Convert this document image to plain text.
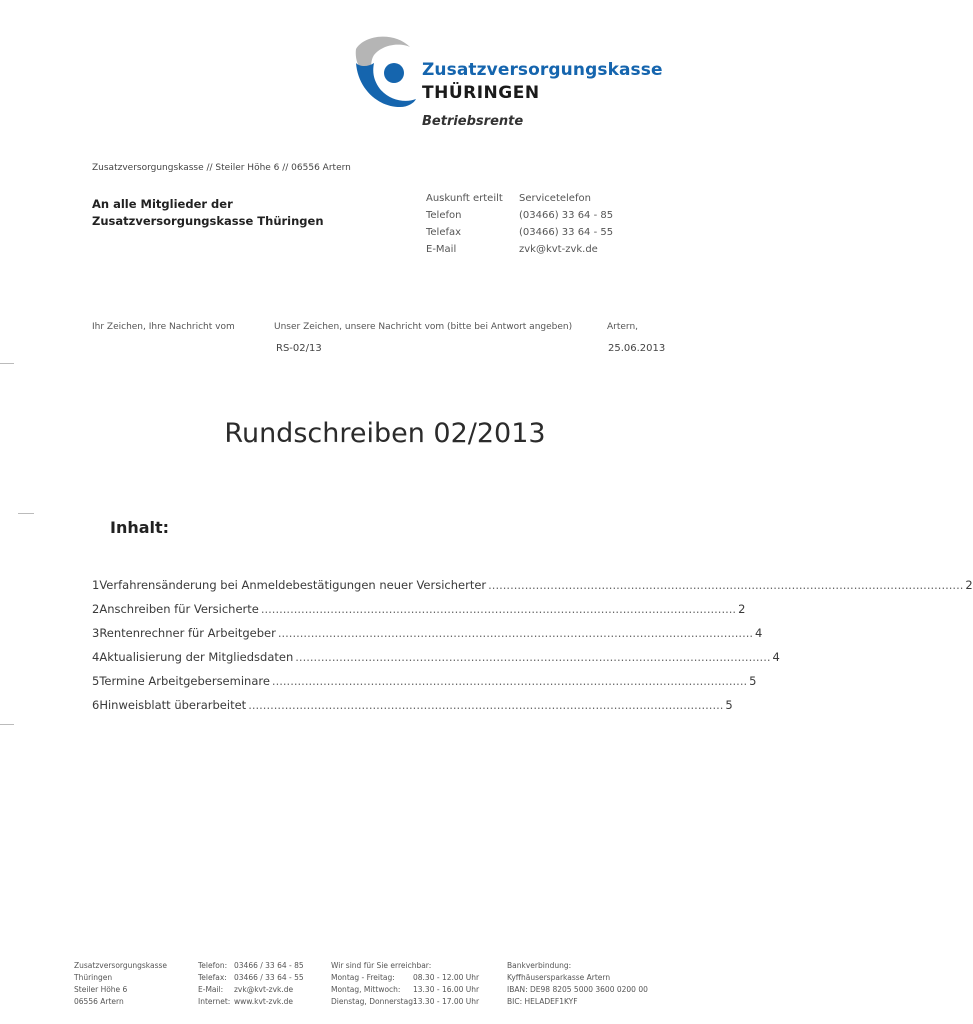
Zusatzversorgungskasse
THÜRINGEN
Betriebsrente
Zusatzversorgungskasse // Steiler Höhe 6 // 06556 Artern
An alle Mitglieder der
Zusatzversorgungskasse Thüringen
Auskunft erteilt	Servicetelefon
Telefon	(03466) 33 64 - 85
Telefax	(03466) 33 64 - 55
E-Mail	zvk@kvt-zvk.de
Ihr Zeichen, Ihre Nachricht vom	Unser Zeichen, unsere Nachricht vom (bitte bei Antwort angeben)	Artern,
RS-02/13	25.06.2013
Rundschreiben 02/2013
Inhalt:
1 Verfahrensänderung bei Anmeldebestätigungen neuer Versicherter .................................................................................................................................. 2
2 Anschreiben für Versicherte .................................................................................................................................. 2
3 Rentenrechner für Arbeitgeber .................................................................................................................................. 4
4 Aktualisierung der Mitgliedsdaten .................................................................................................................................. 4
5 Termine Arbeitgeberseminare .................................................................................................................................. 5
6 Hinweisblatt überarbeitet .................................................................................................................................. 5
Zusatzversorgungskasse
Thüringen
Steiler Höhe 6
06556 Artern
Telefon: 03466 / 33 64 - 85
Telefax: 03466 / 33 64 - 55
E-Mail:	zvk@kvt-zvk.de
Internet: www.kvt-zvk.de
Wir sind für Sie erreichbar:
Montag - Freitag:	08.30 - 12.00 Uhr
Montag, Mittwoch:	13.30 - 16.00 Uhr
Dienstag, Donnerstag:
13.30 - 17.00 Uhr
Bankverbindung:
Kyffhäusersparkasse Artern
IBAN: DE98 8205 5000 3600 0200 00
BIC: HELADEF1KYF
